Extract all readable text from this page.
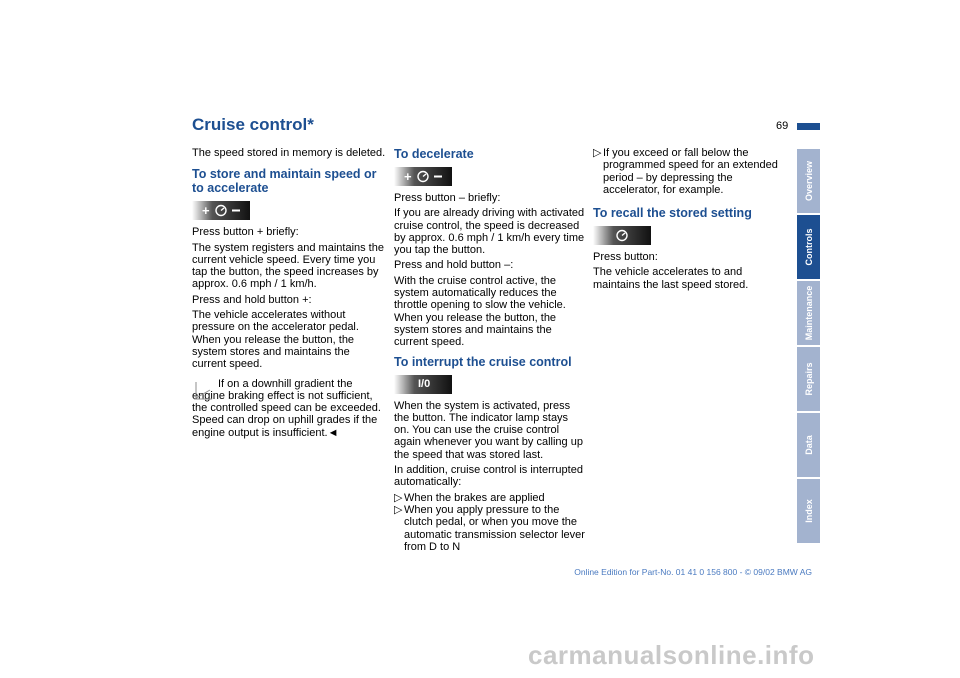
Cruise control*	69

The speed stored in memory is deleted.

To store and maintain speed or to accelerate
+

Press button + briefly:

The system registers and maintains the current vehicle speed. Every time you tap the button, the speed increases by approx. 0.6 mph / 1 km/h.

Press and hold button +:

The vehicle accelerates without pressure on the accelerator pedal. When you release the button, the system stores and maintains the current speed.

If on a downhill gradient the engine braking effect is not sufficient, the controlled speed can be exceeded. Speed can drop on uphill grades if the engine output is insufficient.◄

To decelerate
+

Press button – briefly:

If you are already driving with activated cruise control, the speed is decreased by approx. 0.6 mph / 1 km/h every time you tap the button.

Press and hold button –:

With the cruise control active, the system automatically reduces the throttle opening to slow the vehicle. When you release the button, the system stores and maintains the current speed.

To interrupt the cruise control
I/0

When the system is activated, press the button. The indicator lamp stays on. You can use the cruise control again whenever you want by calling up the speed that was stored last.

In addition, cruise control is interrupted automatically:

▷ When the brakes are applied
▷ When you apply pressure to the clutch pedal, or when you move the automatic transmission selector lever from D to N
▷ If you exceed or fall below the programmed speed for an extended period – by depressing the accelerator, for example.
To recall the stored setting

Press button:

The vehicle accelerates to and maintains the last speed stored.

Overview
Controls
Maintenance
Repairs
Data
Index
Online Edition for Part-No. 01 41 0 156 800 - © 09/02 BMW AG
carmanualsonline.info
